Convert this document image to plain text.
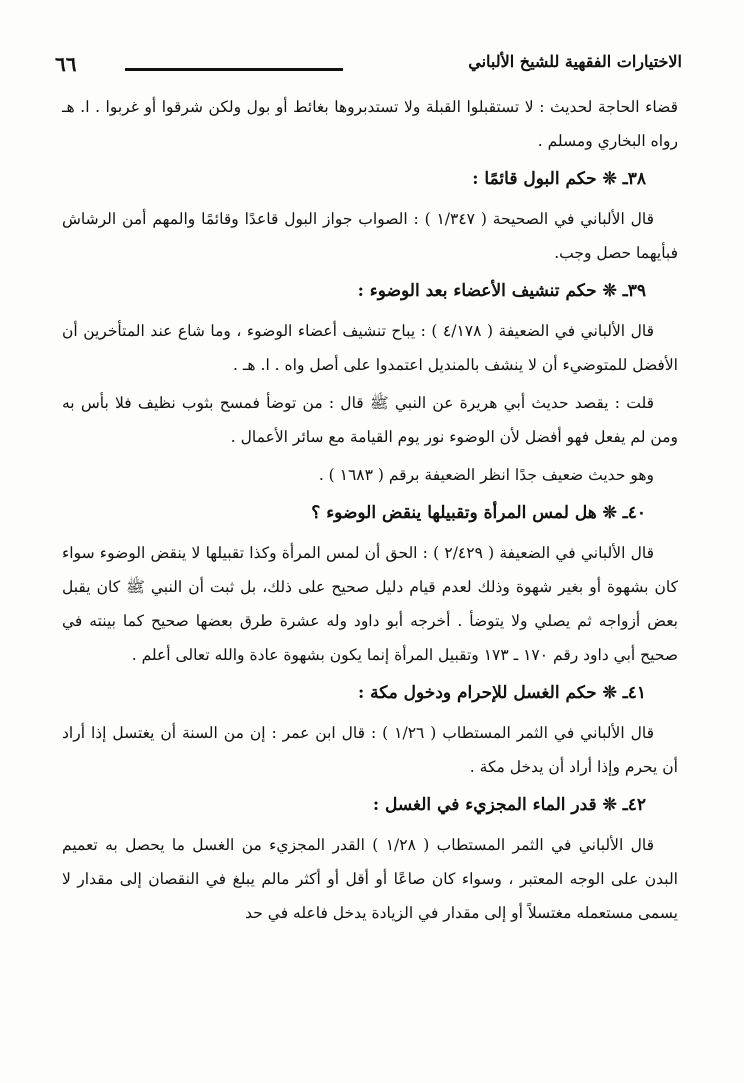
٦٦	الاختيارات الفقهية للشيخ الألباني

قضاء الحاجة لحديث : لا تستقبلوا القبلة ولا تستدبروها بغائط أو بول ولكن شرقوا أو غربوا . ا. هـ رواه البخاري ومسلم .

٣٨ـ ❊ حكم البول قائمًا :

قال الألباني في الصحيحة ( ١/٣٤٧ ) : الصواب جواز البول قاعدًا وقائمًا والمهم أمن الرشاش فبأيهما حصل وجب.

٣٩ـ ❊ حكم تنشيف الأعضاء بعد الوضوء :

قال الألباني في الضعيفة ( ٤/١٧٨ ) : يباح تنشيف أعضاء الوضوء ، وما شاع عند المتأخرين أن الأفضل للمتوضيء أن لا ينشف بالمنديل اعتمدوا على أصل واه . ا. هـ .

قلت : يقصد حديث أبي هريرة عن النبي ﷺ قال : من توضأ فمسح بثوب نظيف فلا بأس به ومن لم يفعل فهو أفضل لأن الوضوء نور يوم القيامة مع سائر الأعمال .

وهو حديث ضعيف جدًا انظر الضعيفة برقم ( ١٦٨٣ ) .

٤٠ـ ❊ هل لمس المرأة وتقبيلها ينقض الوضوء ؟

قال الألباني في الضعيفة ( ٢/٤٢٩ ) : الحق أن لمس المرأة وكذا تقبيلها لا ينقض الوضوء سواء كان بشهوة أو بغير شهوة وذلك لعدم قيام دليل صحيح على ذلك، بل ثبت أن النبي ﷺ كان يقبل بعض أزواجه ثم يصلي ولا يتوضأ . أخرجه أبو داود وله عشرة طرق بعضها صحيح كما بينته في صحيح أبي داود رقم ١٧٠ ـ ١٧٣ وتقبيل المرأة إنما يكون بشهوة عادة والله تعالى أعلم .

٤١ـ ❊ حكم الغسل للإحرام ودخول مكة :

قال الألباني في الثمر المستطاب ( ١/٢٦ ) : قال ابن عمر : إن من السنة أن يغتسل إذا أراد أن يحرم وإذا أراد أن يدخل مكة .

٤٢ـ ❊ قدر الماء المجزيء في الغسل :

قال الألباني في الثمر المستطاب ( ١/٢٨ ) القدر المجزيء من الغسل ما يحصل به تعميم البدن على الوجه المعتبر ، وسواء كان صاعًا أو أقل أو أكثر مالم يبلغ في النقصان إلى مقدار لا يسمى مستعمله مغتسلاً أو إلى مقدار في الزيادة يدخل فاعله في حد
